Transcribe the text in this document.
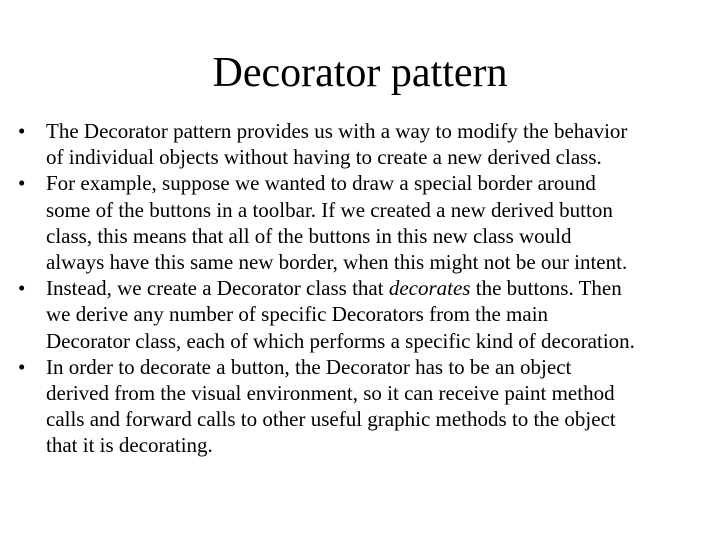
Decorator pattern
• The Decorator pattern provides us with a way to modify the behavior
of individual objects without having to create a new derived class.
• For example, suppose we wanted to draw a special border around
some of the buttons in a toolbar. If we created a new derived button
class, this means that all of the buttons in this new class would
always have this same new border, when this might not be our intent.
• Instead, we create a Decorator class that decorates the buttons. Then
we derive any number of specific Decorators from the main
Decorator class, each of which performs a specific kind of decoration.
• In order to decorate a button, the Decorator has to be an object
derived from the visual environment, so it can receive paint method
calls and forward calls to other useful graphic methods to the object
that it is decorating.
